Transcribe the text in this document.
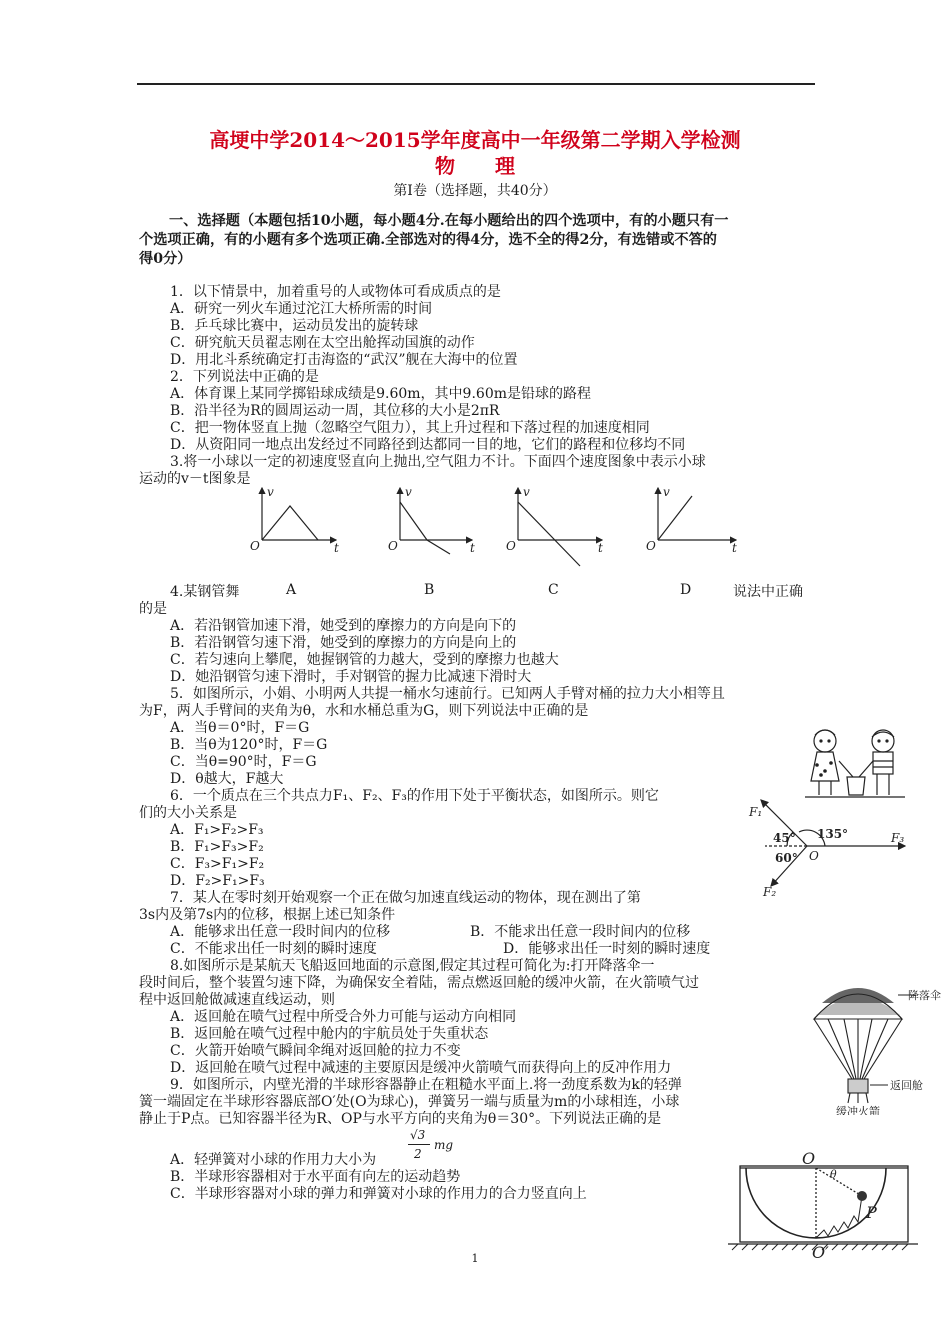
高埂中学2014～2015学年度高中一年级第二学期入学检测
物　　理
第Ⅰ卷（选择题，共40分）
一、选择题（本题包括10小题，每小题4分.在每小题给出的四个选项中，有的小题只有一
个选项正确，有的小题有多个选项正确.全部选对的得4分，选不全的得2分，有选错或不答的
得0分）
1．以下情景中，加着重号的人或物体可看成质点的是
A．研究一列火车通过沱江大桥所需的时间
B．乒乓球比赛中，运动员发出的旋转球
C．研究航天员翟志刚在太空出舱挥动国旗的动作
D．用北斗系统确定打击海盗的“武汉”舰在大海中的位置
2．下列说法中正确的是
A．体育课上某同学掷铅球成绩是9.60m，其中9.60m是铅球的路程
B．沿半径为R的圆周运动一周，其位移的大小是2πR
C．把一物体竖直上抛（忽略空气阻力），其上升过程和下落过程的加速度相同
D．从资阳同一地点出发经过不同路径到达都同一目的地，它们的路程和位移均不同
3.将一小球以一定的初速度竖直向上抛出,空气阻力不计。下面四个速度图象中表示小球
运动的v－t图象是
v
t
O
v
t
O
v
t
O
v
t
O
4.某钢管舞	A	B	C	D	说法中正确
的是
A．若沿钢管加速下滑，她受到的摩擦力的方向是向下的
B．若沿钢管匀速下滑，她受到的摩擦力的方向是向上的
C．若匀速向上攀爬，她握钢管的力越大，受到的摩擦力也越大
D．她沿钢管匀速下滑时，手对钢管的握力比减速下滑时大
5．如图所示，小娟、小明两人共提一桶水匀速前行。已知两人手臂对桶的拉力大小相等且
为F，两人手臂间的夹角为θ，水和水桶总重为G，则下列说法中正确的是
A．当θ＝0°时，F＝G
B．当θ为120°时，F＝G
C．当θ=90°时，F＝G
D．θ越大，F越大
6．一个质点在三个共点力F₁、F₂、F₃的作用下处于平衡状态，如图所示。则它
们的大小关系是
A．F₁>F₂>F₃
B．F₁>F₃>F₂
C．F₃>F₁>F₂
D．F₂>F₁>F₃
7．某人在零时刻开始观察一个正在做匀加速直线运动的物体，现在测出了第
3s内及第7s内的位移，根据上述已知条件
A．能够求出任意一段时间内的位移	B．不能求出任意一段时间内的位移
C．不能求出任一时刻的瞬时速度	D．能够求出任一时刻的瞬时速度
8.如图所示是某航天飞船返回地面的示意图,假定其过程可简化为:打开降落伞一
段时间后，整个装置匀速下降，为确保安全着陆，需点燃返回舱的缓冲火箭，在火箭喷气过
程中返回舱做减速直线运动，则
A．返回舱在喷气过程中所受合外力可能与运动方向相同
B．返回舱在喷气过程中舱内的宇航员处于失重状态
C．火箭开始喷气瞬间伞绳对返回舱的拉力不变
D．返回舱在喷气过程中减速的主要原因是缓冲火箭喷气而获得向上的反冲作用力
9．如图所示，内壁光滑的半球形容器静止在粗糙水平面上.将一劲度系数为k的轻弹
簧一端固定在半球形容器底部O′处(O为球心)，弹簧另一端与质量为m的小球相连，小球
静止于P点。已知容器半径为R、OP与水平方向的夹角为θ＝30°。下列说法正确的是
√3
2
mg
A．轻弹簧对小球的作用力大小为
B．半球形容器相对于水平面有向左的运动趋势
C．半球形容器对小球的弹力和弹簧对小球的作用力的合力竖直向上
F₁
F₂
F₃
45° 135°
60° O
降落伞
返回舱
缓冲火箭
O
P
O′
θ
1
